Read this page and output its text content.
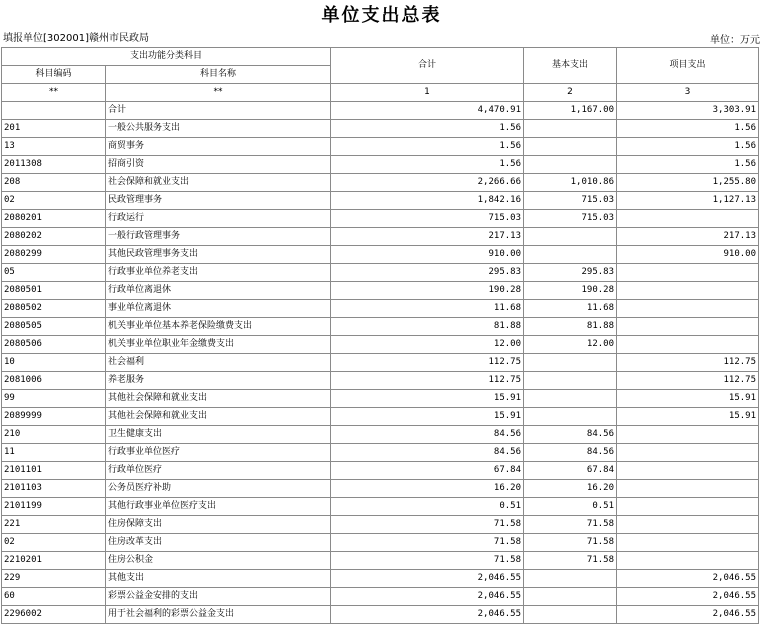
单位支出总表
填报单位[302001]赣州市民政局	单位：万元
支出功能分类科目		合计	基本支出	项目支出
科目编码	科目名称			
**	**	1	2	3
	合计	4,470.91	1,167.00	3,303.91
201	一般公共服务支出	1.56		1.56
13	商贸事务	1.56		1.56
2011308	招商引资	1.56		1.56
208	社会保障和就业支出	2,266.66	1,010.86	1,255.80
02	民政管理事务	1,842.16	715.03	1,127.13
2080201	行政运行	715.03	715.03	
2080202	一般行政管理事务	217.13		217.13
2080299	其他民政管理事务支出	910.00		910.00
05	行政事业单位养老支出	295.83	295.83	
2080501	行政单位离退休	190.28	190.28	
2080502	事业单位离退休	11.68	11.68	
2080505	机关事业单位基本养老保险缴费支出	81.88	81.88	
2080506	机关事业单位职业年金缴费支出	12.00	12.00	
10	社会福利	112.75		112.75
2081006	养老服务	112.75		112.75
99	其他社会保障和就业支出	15.91		15.91
2089999	其他社会保障和就业支出	15.91		15.91
210	卫生健康支出	84.56	84.56	
11	行政事业单位医疗	84.56	84.56	
2101101	行政单位医疗	67.84	67.84	
2101103	公务员医疗补助	16.20	16.20	
2101199	其他行政事业单位医疗支出	0.51	0.51	
221	住房保障支出	71.58	71.58	
02	住房改革支出	71.58	71.58	
2210201	住房公积金	71.58	71.58	
229	其他支出	2,046.55		2,046.55
60	彩票公益金安排的支出	2,046.55		2,046.55
2296002	用于社会福利的彩票公益金支出	2,046.55		2,046.55
